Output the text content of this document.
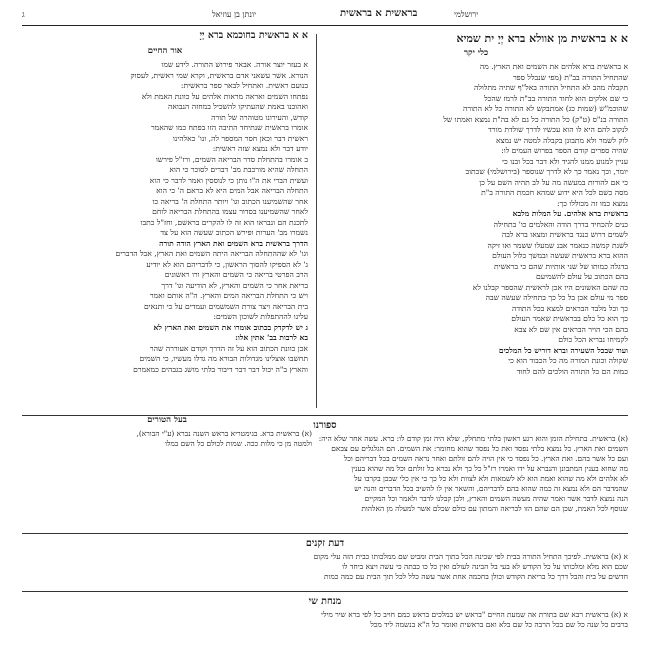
ג	יונתן בן עוזיאל	בראשית א בראשית	ירושלמי
א א בראשית מן אוולא ברא יְיָ ית שמיא
כלי יקר
א בראשית ברא אלהים את השמים ואת הארץ. מה
שהתחיל התורה בב"ת (מפי שנבלל ספר
תקבלה מהב לא התחיל התורה באל"ף שתיה מתלולה
כי שם אלקים הוא לחוד התורה בב"ת לרמז שהכל
שהוכמ"ש (שמות כג) אמתבקש לא התורה כל לא התורה
התורה בנ"ס (ט"ק) כל התורה כל גם לא בה"ת נמצא ואמתו של
לנקוב להם היא לו הוא עכשיו לדרך שולדת מורד
לוק לשמר ולא מתבונן בקבלה למטה יש נמצא
שהיה ספרים קודם הספר בפרוש העמים לו:
עניין למנוע ממנו להגיד ולא דבר בכל ובנו כי
יומר, וכך נאמר כך לא לדרך שנוספר (בירושלמי) שכתוב
כי אם להורות במעשה מה על לב תהיה השם על כן
מסה כשם לכל היא ידוע שמהא חכמת התורה ב"ת
נמצא כמו זה מכוללו כך:
בראשית ברא אלהים. על המלות מלבא
כנים להכחיד בדרך הודה והאלמים כו' בתחילה
לשמים דרוש כנגד בראשית ומצאו ברא לבה
לשנת קמשה כנאמר אבנ שמעלו ששמר ואו זיקה
ההוא ברא בראשית שעשה ובמשך כלול העולם
בדגלה כמותו של שני אותיות שהם כי בראשית
בהם הכתוב על עולם להשמיעם
כה שהם האשונים היו אכן לראשית שהספר קבלנו לא
ספר מי עולם אכן בל כל כך בתחילה שעשה שבה
כך וכל מלבד הבראים למצא בכל התודה
כך הוא כל כלם בבראשית שאמר העולם
בהם הכי הויר הבראים אין שם לא צבא
לקמיחו נבריא הכל כולם
ועוד שבכל השעירה וברא דוריש כל המלכים
שקולה וכונת המורה מה כל הכבוד הוא כי
כמות הם כל התורה הולכים להם לחוד
א א בראשית בחוכמא ברא יְיָ
אור החיים
א בעזר יוצר אורה. אבאר פירוש התורה. לידע שמו
הנורא. אשר עשאני אדם בראשית, וקרא שמי ראשית, לעסוק
בנועם ראשית. ואתחיל לבאר ספר בראשית:
נפתחו השמים ואראה מראות אלהים על כוונת האמת ולא
ואהובנו באמת שהעתיקו להשכיל במחזה הנבואה
קודש, והעירונו מטוהרה של תורה
אומרו בראשית שנתיחד התיבה הזו בפתח כמו שהאמר
ראשית דבר וכאן חסר המספר לה, ונו' כאלהינו
יודע דבר ולא נמצא שזה ראשית:
ב אומרו בהתחלת סדר הבריאה השמים, ורז"ל פירשו
התחלה שהיא מורכבת מב' דברים לסוכר כי הוא
ועשית הברי את ה"ו נותן כי לנוססין ואמר לדבר כי הוא
התחלה הבריאה אבל המים היא לא בראם ה' כי הוא
אחר שהשמיענו הכתוב וגו' ויותר התחלת ה' בריאה כו
לאחר שהשמיענו בסדור עצמו בהתחלת הבריאה לוחם
לתכנת הם ונבראו הוא זה לו להקרים בראשם, וחז"ל כתבו
נשמרו מב' הערות ופירש הכתוב שעשה הוא על צד
הדרך בראשית ברא השמים ואת הארץ הודה תורה
וגו' לא שההתחלה הבריאה היתה השמים ואת הארץ, אבל הדברים
ג' לא הספיקו להסוך הראשון, כי לדבריהם הוא לא יודיע
הרב הפרטי בריאה כי השמים והארץ ורו ראשונים
בריאת אחר כי השמים והארץ, לא הודיעה וגו' דרך
ויש כי התחלת הבריאה המים והארץ. ה"ה אותם ואמר
בית הבריאה ויצר צורת השמשמים ועמדים על כי ותנאים
עלינו לההתפלות לשוכון השמים:
ג יש לדקדק בכתוב אומרו את השמים ואת הארץ לא
בא לרבות בב' אתין אלו:
אכן כוונת הכתוב הוא על זה הדרך וקודם אעוררה שהר
תחשבו אוצלינו מגדולות הבורא מה גדלו מעשיו, כי השמים
והארץ ב"ה יכול דבר דבר דיבור בלתי מושג בגבהים כמאמרם
ספורנו
(א) בראשית. בתחילת הזמן והוא רגע ראשון בלתי מתחלק, שלא היה זמן קודם לו: ברא. עשה אחר שלא היה:
השמים ואת הארץ. כל נמצא בלתי נפסד ואת כל נפסד שהוא מחומר: את השמים. הם הגלגלים עם צבאם
ועם כל אשר בהם. ואת הארץ. כל נפסד כי אין הויה להם זולתם ואחר נראה השמים בכל דבריהם וכל
מה שחוא בענין המתבונן והנברא על ידו ואמרו רז"ל כל כך ולא נברא כל זולתם וכל מה שהוא בענין
לא אלהים ולא מה שהוא ואמת הוא לא לשמאות ולא לצוות ולא כל כך כי אין כלי שבכן בקרבו על
שהמדבר הם ולא נמצא זה כמה שהוא בהם לדבריהם, והשאר אין לו להשיב בכל הדברים והנה יש
הנה נמצא לדבר אשר ואמר שהיה מעשה השמים והארץ, ולכן קבלנו לדבר ולאמר וכל המקיים
שנוסף לכל האמת, שכן הם שהם הזו לבריאה והמתון עם כולם שכלם אשר למעלה מן האלהות
בעל הטורים
(א) בראשית ברא. בגימטריא בראש השנה נברא (ע"י הבורא),
ולמטה מן כי מלות ככה. שמות לכולם כל השם במלו
דעת זקנים
א (א) בראשית. לפיכך התחיל התורה בבית לפי שכינה הכל בתוך הבית ומביט שם ממלכותו כבית הזה עלי מקום
שכם הוא מלא ומלכותו על כל הקודש לא בעי בל הבינה לעולם ואין כל כו כבתה כי עשה ויצא ביחד לו
חדשים על בית והבל דרך כל בריאת הקודש וכולן בחכמה אחת אשר עשה כלל לכל תוך הבית עם כמה כמות
מנחת שי
א (א) בראשית רבא שם בתורת אה שמעת החיים "בראש יש במלכים בראש כמם חויב כל לפי ברא שיר מילי
ברבים כל שנה כל שם בכל הרבה כל שם בלא ואם בראשית ואומר כל ה"א בנשמה ליד מכל
